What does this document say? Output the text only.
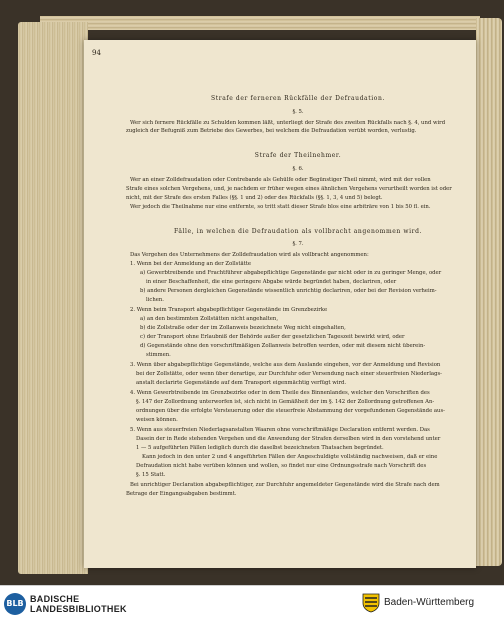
94
Strafe der ferneren Rückfälle der Defraudation.
§. 5.
Wer sich fernere Rückfälle zu Schulden kommen läßt, unterliegt der Strafe des zweiten Rückfalls nach §. 4, und wird
zugleich der Befugniß zum Betriebe des Gewerbes, bei welchem die Defraudation verübt worden, verlustig.
Strafe der Theilnehmer.
§. 6.
Wer an einer Zolldefraudation oder Contrebande als Gehülfe oder Begünstiger Theil nimmt, wird mit der vollen
Strafe eines solchen Vergehens, und, je nachdem er früher wegen eines ähnlichen Vergehens verurtheilt worden ist oder
nicht, mit der Strafe des ersten Falles (§§. 1 und 2) oder des Rückfalls (§§. 1, 3, 4 und 5) belegt.
Wer jedoch die Theilnahme nur eine entfernte, so tritt statt dieser Strafe blos eine arbiträre von 1 bis 50 fl. ein.
Fälle, in welchen die Defraudation als vollbracht angenommen wird.
§. 7.
Das Vergehen des Unternehmens der Zolldefraudation wird als vollbracht angenommen:
1. Wenn bei der Anmeldung an der Zollstätte
a) Gewerbtreibende und Frachtführer abgabepflichtige Gegenstände gar nicht oder in zu geringer Menge, oder
in einer Beschaffenheit, die eine geringere Abgabe würde begründet haben, declariren, oder
b) andere Personen dergleichen Gegenstände wissentlich unrichtig declariren, oder bei der Revision verheim-
lichen.
2. Wenn beim Transport abgabepflichtiger Gegenstände im Grenzbezirke
a) an den bestimmten Zollstätten nicht angehalten,
b) die Zollstraße oder der im Zollanweis bezeichnete Weg nicht eingehalten,
c) der Transport ohne Erlaubniß der Behörde außer der gesetzlichen Tageszeit bewirkt wird, oder
d) Gegenstände ohne den vorschriftmäßigen Zollanweis betroffen werden, oder mit diesem nicht überein-
stimmen.
3. Wenn über abgabepflichtige Gegenstände, welche aus dem Auslande eingehen, vor der Anmeldung und Revision
bei der Zollstätte, oder wenn über derartige, zur Durchfuhr oder Versendung nach einer steuerfreien Niederlags-
anstalt declarirte Gegenstände auf dem Transport eigenmächtig verfügt wird.
4. Wenn Gewerbtreibende im Grenzbezirke oder in dem Theile des Binnenlandes, welcher den Vorschriften des
§. 147 der Zollordnung unterworfen ist, sich nicht in Gemäßheit der im §. 142 der Zollordnung getroffenen An-
ordnungen über die erfolgte Versteuerung oder die steuerfreie Abstammung der vorgefundenen Gegenstände aus-
weisen können.
5. Wenn aus steuerfreien Niederlagsanstalten Waaren ohne vorschriftmäßige Declaration entfernt werden. Das
Dasein der in Rede stehenden Vergehen und die Anwendung der Strafen derselben wird in den vorstehend unter
1 — 5 aufgeführten Fällen lediglich durch die daselbst bezeichneten Thatsachen begründet.
Kann jedoch in den unter 2 und 4 angeführten Fällen der Angeschuldigte vollständig nachweisen, daß er eine
Defraudation nicht habe verüben können und wollen, so findet nur eine Ordnungsstrafe nach Vorschrift des
§. 15 Statt.
Bei unrichtiger Declaration abgabepflichtiger, zur Durchfuhr angemeldeter Gegenstände wird die Strafe nach dem
Betrage der Eingangsabgaben bestimmt.
BLB BADISCHE
LANDESBIBLIOTHEK
Baden-Württemberg
